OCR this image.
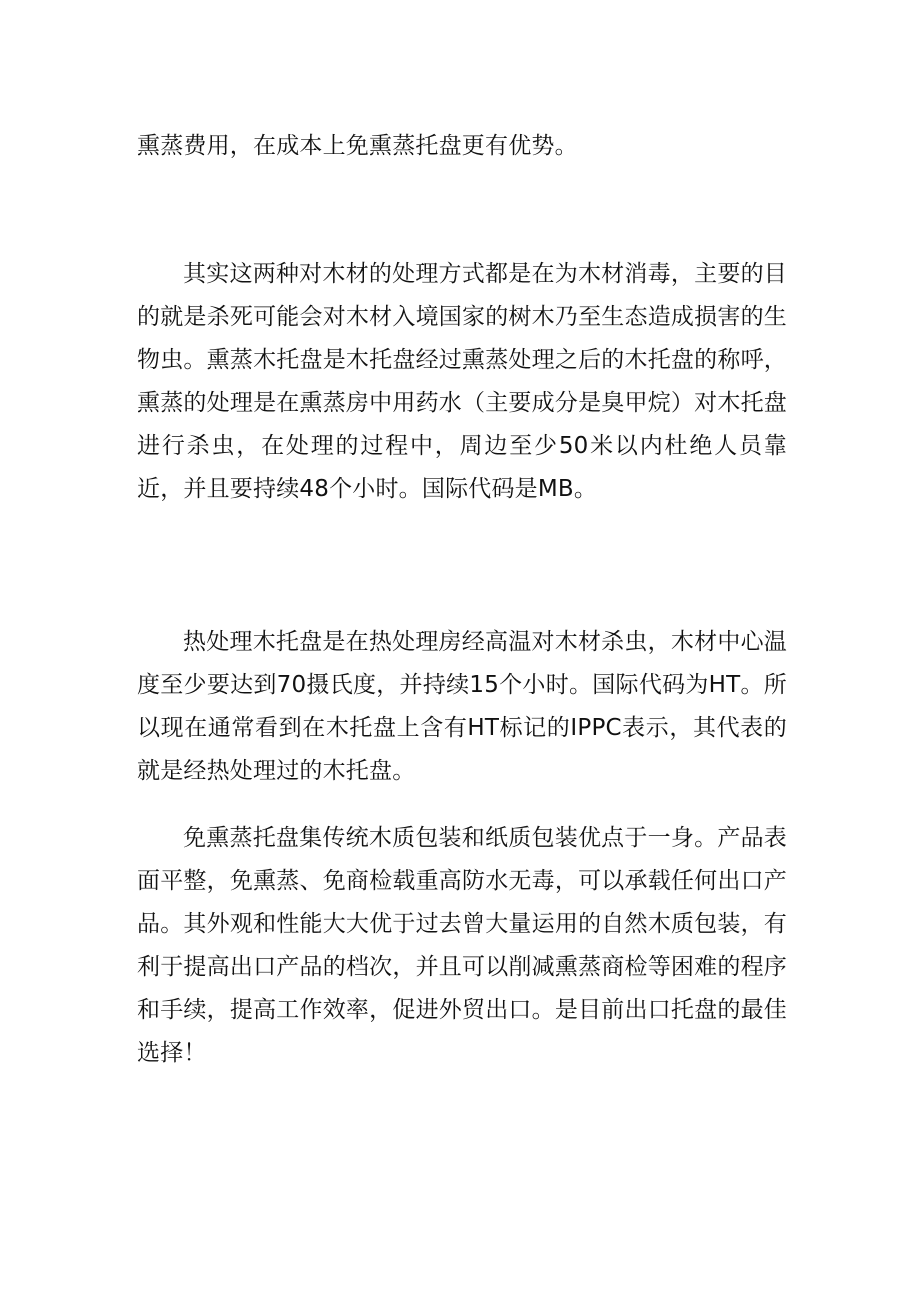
熏蒸费用，在成本上免熏蒸托盘更有优势。

其实这两种对木材的处理方式都是在为木材消毒，主要的目的就是杀死可能会对木材入境国家的树木乃至生态造成损害的生物虫。熏蒸木托盘是木托盘经过熏蒸处理之后的木托盘的称呼，熏蒸的处理是在熏蒸房中用药水（主要成分是臭甲烷）对木托盘进行杀虫，在处理的过程中，周边至少50米以内杜绝人员靠近，并且要持续48个小时。国际代码是MB。

热处理木托盘是在热处理房经高温对木材杀虫，木材中心温度至少要达到70摄氏度，并持续15个小时。国际代码为HT。所以现在通常看到在木托盘上含有HT标记的IPPC表示，其代表的就是经热处理过的木托盘。

免熏蒸托盘集传统木质包装和纸质包装优点于一身。产品表面平整，免熏蒸、免商检载重高防水无毒，可以承载任何出口产品。其外观和性能大大优于过去曾大量运用的自然木质包装，有利于提高出口产品的档次，并且可以削减熏蒸商检等困难的程序和手续，提高工作效率，促进外贸出口。是目前出口托盘的最佳选择！
